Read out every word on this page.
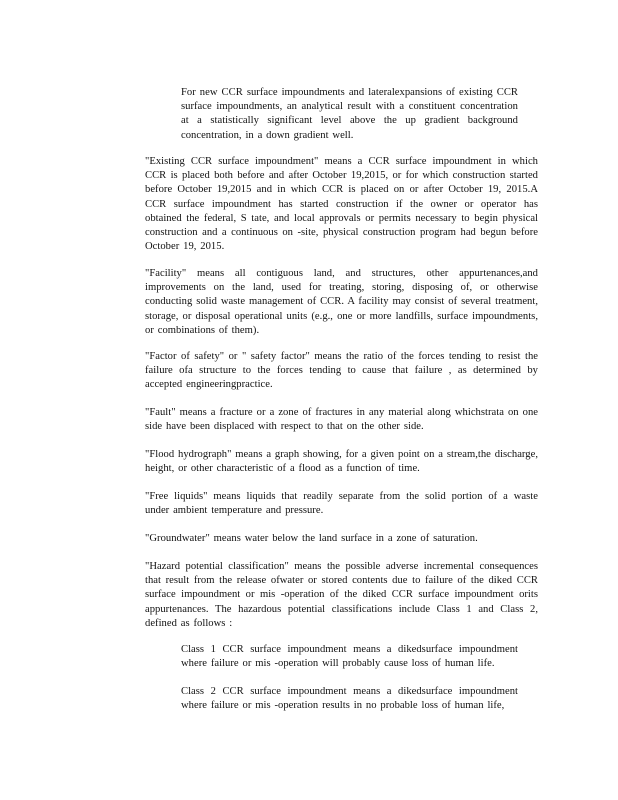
For new CCR surface impoundments and lateralexpansions of existing CCR surface impoundments, an analytical result with a constituent concentration at a statistically significant level above the up gradient background concentration, in a down gradient well.

"Existing CCR surface impoundment" means a CCR surface impoundment in which CCR is placed both before and after October 19,2015, or for which construction started before October 19,2015 and in which CCR is placed on or after October 19, 2015.A CCR surface impoundment has started construction if the owner or operator has obtained the federal, S tate, and local approvals or permits necessary to begin physical construction and a continuous on -site, physical construction program had begun before October 19, 2015.

"Facility" means all contiguous land, and structures, other appurtenances,and improvements on the land, used for treating, storing, disposing of, or otherwise conducting solid waste management of CCR. A facility may consist of several treatment, storage, or disposal operational units (e.g., one or more landfills, surface impoundments, or combinations of them).

"Factor of safety" or " safety factor" means the ratio of the forces tending to resist the failure ofa structure to the forces tending to cause that failure , as determined by accepted engineeringpractice.

"Fault" means a fracture or a zone of fractures in any material along whichstrata on one side have been displaced with respect to that on the other side.

"Flood hydrograph" means a graph showing, for a given point on a stream,the discharge, height, or other characteristic of a flood as a function of time.

"Free liquids" means liquids that readily separate from the solid portion of a waste under ambient temperature and pressure.

"Groundwater" means water below the land surface in a zone of saturation.

"Hazard potential classification" means the possible adverse incremental consequences that result from the release ofwater or stored contents due to failure of the diked CCR surface impoundment or mis -operation of the diked CCR surface impoundment orits appurtenances. The hazardous potential classifications include Class 1 and Class 2, defined as follows :

Class 1 CCR surface impoundment means a dikedsurface impoundment where failure or mis -operation will probably cause loss of human life.

Class 2 CCR surface impoundment means a dikedsurface impoundment where failure or mis -operation results in no probable loss of human life,
